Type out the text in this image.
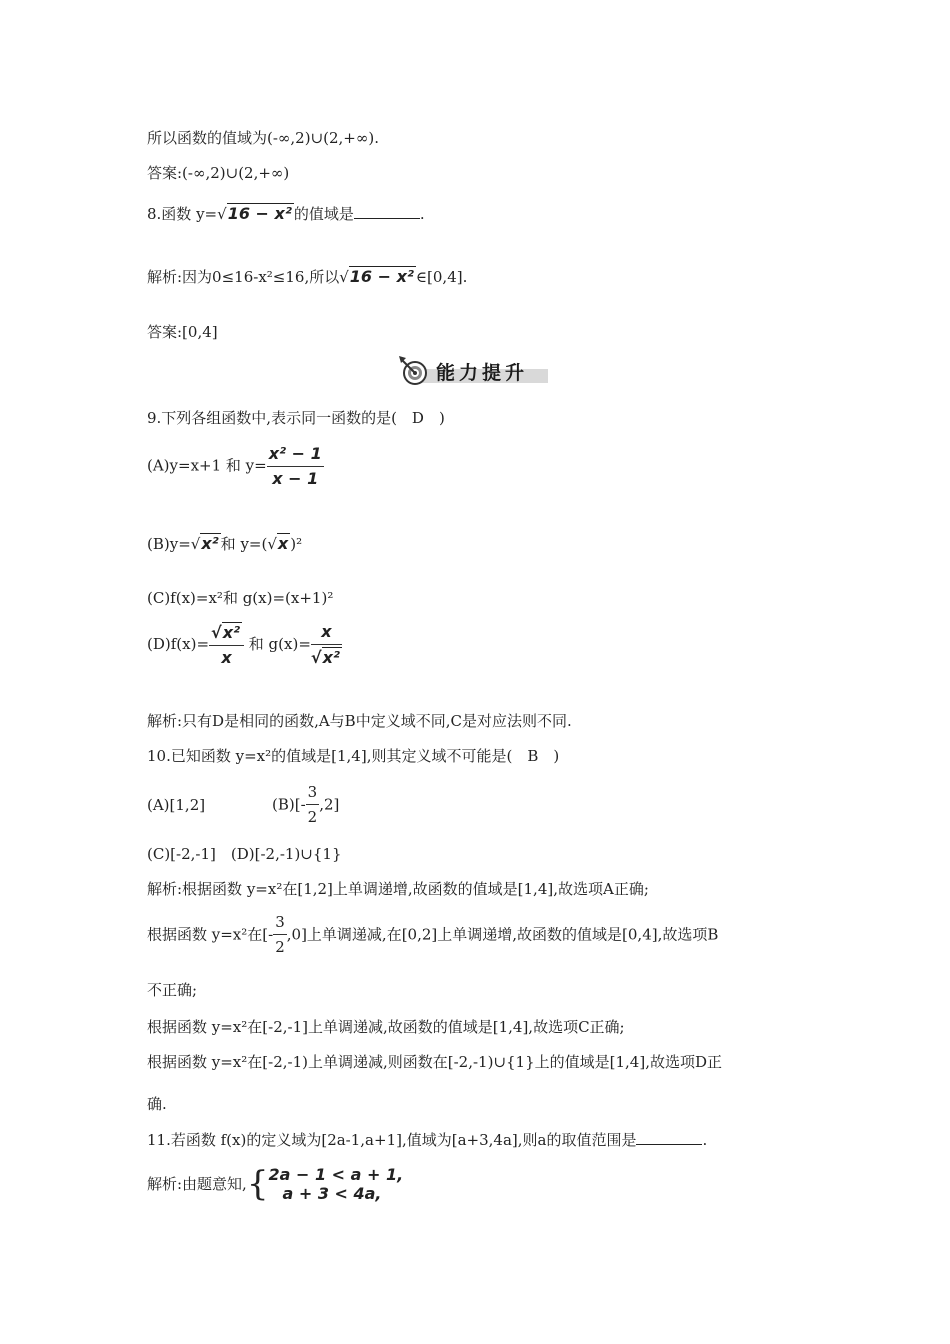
所以函数的值域为(-∞,2)∪(2,+∞).
答案:(-∞,2)∪(2,+∞)
8.函数 y=√16 − x² 的值域是	.
解析:因为0≤16-x²≤16,所以√16 − x² ∈[0,4].
答案:[0,4]
能力提升
9.下列各组函数中,表示同一函数的是(　D　)
(A)y=x+1 和 $y= \frac{\text{x² − 1}}{x - 1}$
(B)y=√x² 和 y=(√x )²
(C)f(x)=x²和 g(x)=(x+1)²
$(D)f(x)= \frac{\text{√x²}}{x}$ 和 $g(x)= \frac{x}{\text{√x²}}$
解析:只有D是相同的函数,A与B中定义域不同,C是对应法则不同.
10.已知函数 y=x²的值域是[1,4],则其定义域不可能是(　B　)
(A)[1,2]	$(B)[- \frac{3}{2} ,2]$
(C)[-2,-1]　(D)[-2,-1)∪{1}
解析:根据函数 y=x²在[1,2]上单调递增,故函数的值域是[1,4],故选项A正确;
根据函数 y=x²在[- $\frac{3}{2} ,0$]上单调递减,在[0,2]上单调递增,故函数的值域是[0,4],故选项B
不正确;
根据函数 y=x²在[-2,-1]上单调递减,故函数的值域是[1,4],故选项C正确;
根据函数 y=x²在[-2,-1)上单调递减,则函数在[-2,-1)∪{1}上的值域是[1,4],故选项D正
确.
11.若函数 f(x)的定义域为[2a-1,a+1],值域为[a+3,4a],则a的取值范围是	.
解析:由题意知,{ 2a − 1 < a + 1,
a + 3 < 4a,
